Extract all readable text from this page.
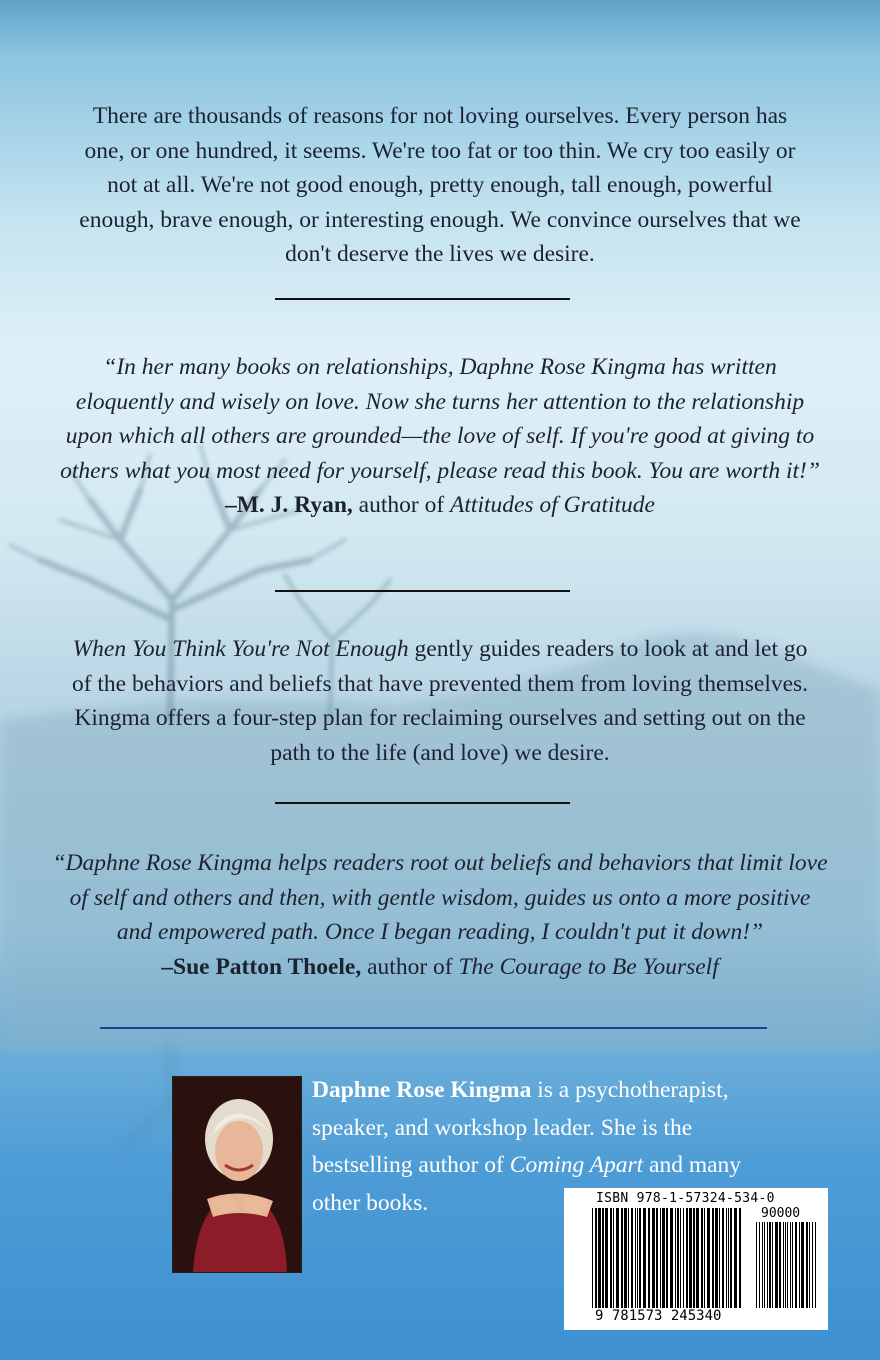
There are thousands of reasons for not loving ourselves. Every person has one, or one hundred, it seems. We're too fat or too thin. We cry too easily or not at all. We're not good enough, pretty enough, tall enough, powerful enough, brave enough, or interesting enough. We convince ourselves that we don't deserve the lives we desire.

“In her many books on relationships, Daphne Rose Kingma has written eloquently and wisely on love. Now she turns her attention to the relationship upon which all others are grounded—the love of self. If you're good at giving to others what you most need for yourself, please read this book. You are worth it!”
–M. J. Ryan, author of Attitudes of Gratitude

When You Think You're Not Enough gently guides readers to look at and let go of the behaviors and beliefs that have prevented them from loving themselves. Kingma offers a four-step plan for reclaiming ourselves and setting out on the path to the life (and love) we desire.

“Daphne Rose Kingma helps readers root out beliefs and behaviors that limit love of self and others and then, with gentle wisdom, guides us onto a more positive and empowered path. Once I began reading, I couldn't put it down!”
–Sue Patton Thoele, author of The Courage to Be Yourself

Daphne Rose Kingma is a psychotherapist, speaker, and workshop leader. She is the bestselling author of Coming Apart and many other books.	ISBN 978-1-57324-534-0
90000
9 781573 245340
